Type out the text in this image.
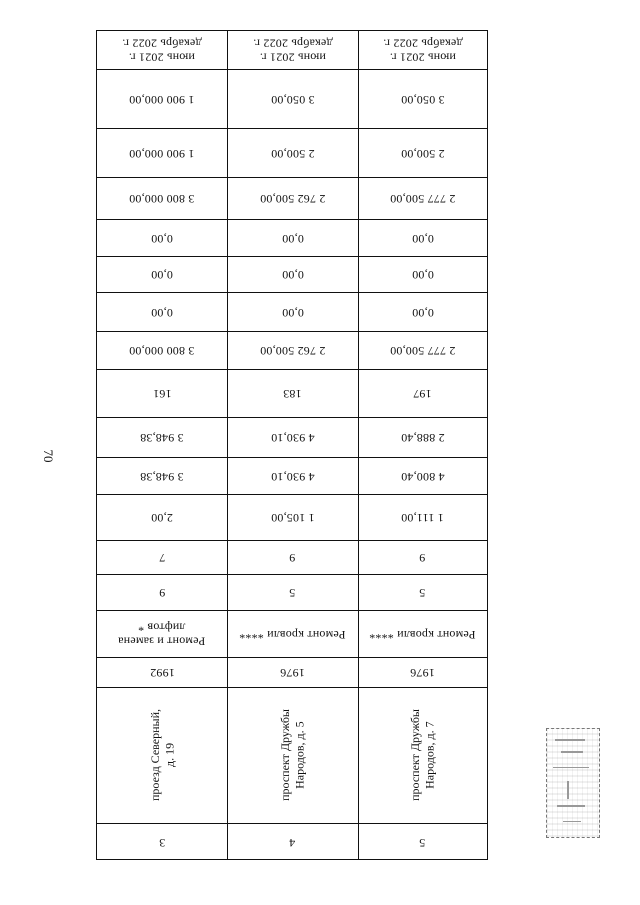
70
июнь 2021 г.
декабрь 2022 г.
1 900 000,00
1 900 000,00
3 800 000,00
0,00
0,00
0,00
3 800 000,00
161
3 948,38
3 948,38
2,00
7
9
Ремонт и замена
лифтов *
1992
проезд Северный,
д. 19
3
июнь 2021 г.
декабрь 2022 г.
3 050,00
2 500,00
2 762 500,00
0,00
0,00
0,00
2 762 500,00
183
4 930,10
4 930,10
1 105,00
9
5
Ремонт кровли ****
1976
проспект Дружбы
Народов, д. 5
4
июнь 2021 г.
декабрь 2022 г.
3 050,00
2 500,00
2 777 500,00
0,00
0,00
0,00
2 777 500,00
197
2 888,40
4 800,40
1 111,00
9
5
Ремонт кровли ****
1976
проспект Дружбы
Народов, д. 7
5
